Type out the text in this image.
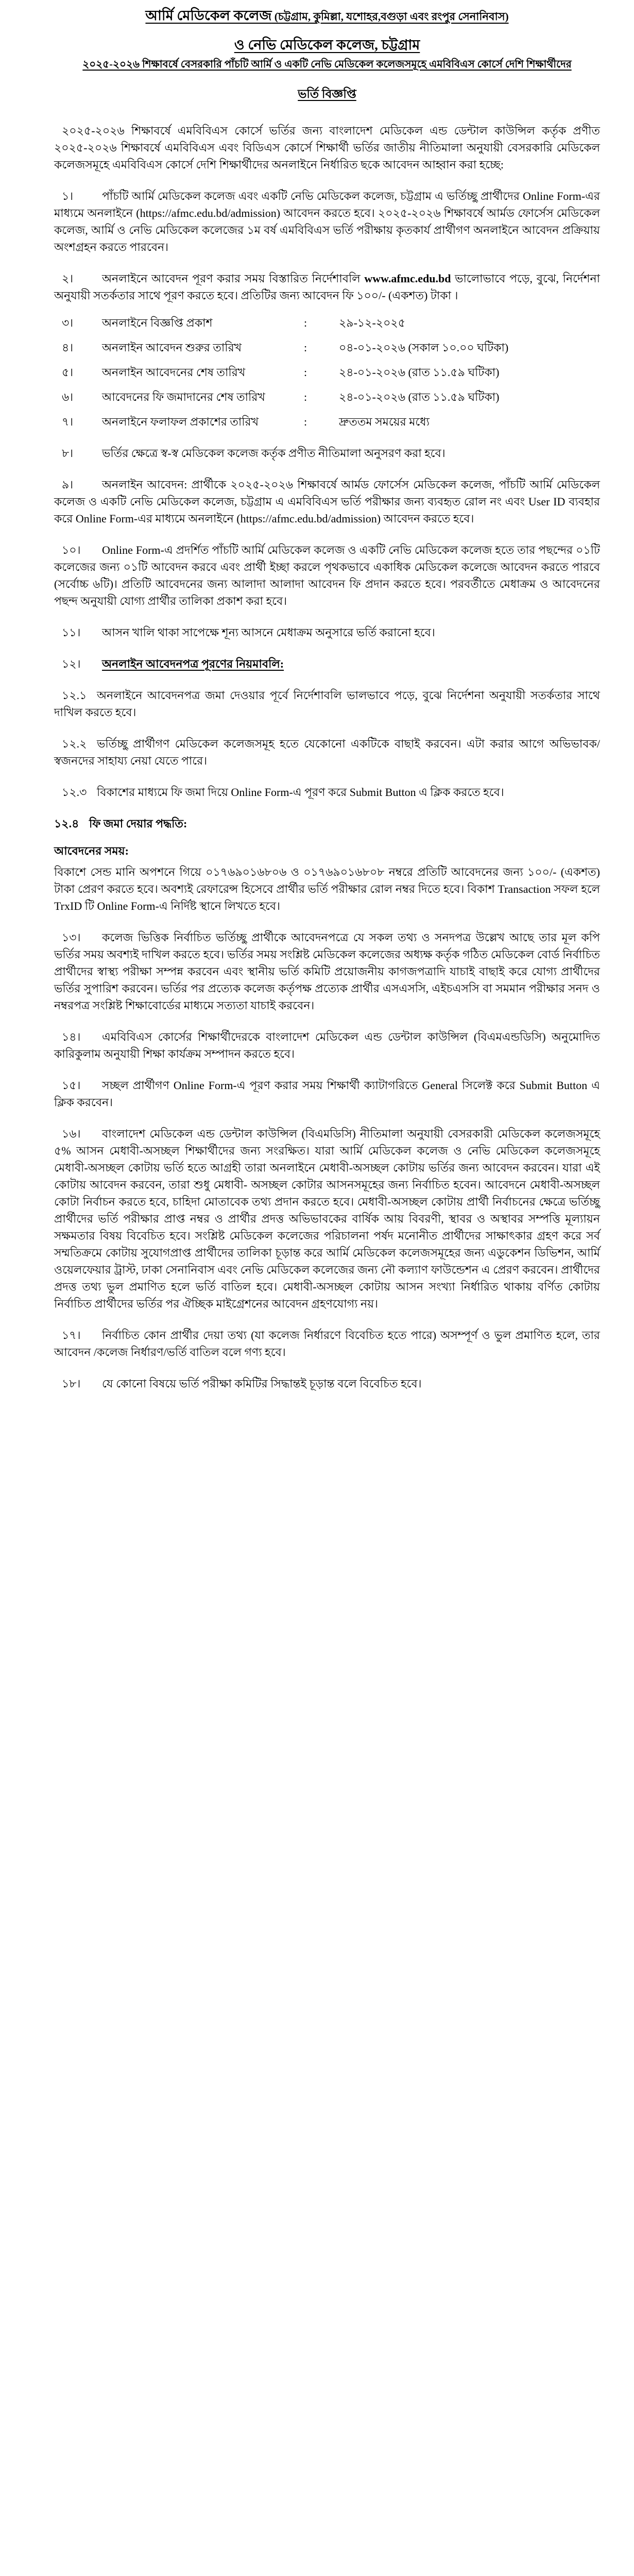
আর্মি মেডিকেল কলেজ (চট্টগ্রাম, কুমিল্লা, যশোহর,বগুড়া এবং রংপুর সেনানিবাস)
ও নেভি মেডিকেল কলেজ, চট্টগ্রাম
২০২৫-২০২৬ শিক্ষাবর্ষে বেসরকারি পাঁচটি আর্মি ও একটি নেভি মেডিকেল কলেজসমূহে এমবিবিএস কোর্সে দেশি শিক্ষার্থীদের
ভর্তি বিজ্ঞপ্তি

২০২৫-২০২৬ শিক্ষাবর্ষে এমবিবিএস কোর্সে ভর্তির জন্য বাংলাদেশ মেডিকেল এন্ড ডেন্টাল কাউন্সিল কর্তৃক প্রণীত ২০২৫-২০২৬ শিক্ষাবর্ষে এমবিবিএস এবং বিডিএস কোর্সে শিক্ষার্থী ভর্তির জাতীয় নীতিমালা অনুযায়ী বেসরকারি মেডিকেল কলেজসমূহে এমবিবিএস কোর্সে দেশি শিক্ষার্থীদের অনলাইনে নির্ধারিত ছকে আবেদন আহ্বান করা হচ্ছে:

১।	পাঁচটি আর্মি মেডিকেল কলেজ এবং একটি নেভি মেডিকেল কলেজ, চট্টগ্রাম এ ভর্তিচ্ছু প্রার্থীদের Online Form-এর মাধ্যমে অনলাইনে (https://afmc.edu.bd/admission) আবেদন করতে হবে। ২০২৫-২০২৬ শিক্ষাবর্ষে আর্মড ফোর্সেস মেডিকেল কলেজ, আর্মি ও নেভি মেডিকেল কলেজের ১ম বর্ষ এমবিবিএস ভর্তি পরীক্ষায় কৃতকার্য প্রার্থীগণ অনলাইনে আবেদন প্রক্রিয়ায় অংশগ্রহন করতে পারবেন।

২।	অনলাইনে আবেদন পূরণ করার সময় বিস্তারিত নির্দেশাবলি www.afmc.edu.bd ভালোভাবে পড়ে, বুঝে, নির্দেশনা অনুযায়ী সতর্কতার সাথে পূরণ করতে হবে। প্রতিটির জন্য আবেদন ফি ১০০/- (একশত) টাকা ।

৩।	অনলাইনে বিজ্ঞপ্তি প্রকাশ	:	২৯-১২-২০২৫
৪।	অনলাইন আবেদন শুরুর তারিখ	:	০৪-০১-২০২৬ (সকাল ১০.০০ ঘটিকা)
৫।	অনলাইন আবেদনের শেষ তারিখ	:	২৪-০১-২০২৬ (রাত ১১.৫৯ ঘটিকা)
৬।	আবেদনের ফি জমাদানের শেষ তারিখ	:	২৪-০১-২০২৬ (রাত ১১.৫৯ ঘটিকা)
৭।	অনলাইনে ফলাফল প্রকাশের তারিখ	:	দ্রুততম সময়ের মধ্যে

৮।	ভর্তির ক্ষেত্রে স্ব-স্ব মেডিকেল কলেজ কর্তৃক প্রণীত নীতিমালা অনুসরণ করা হবে।

৯।	অনলাইন আবেদন: প্রার্থীকে ২০২৫-২০২৬ শিক্ষাবর্ষে আর্মড ফোর্সেস মেডিকেল কলেজ, পাঁচটি আর্মি মেডিকেল কলেজ ও একটি নেভি মেডিকেল কলেজ, চট্টগ্রাম এ এমবিবিএস ভর্তি পরীক্ষার জন্য ব্যবহৃত রোল নং এবং User ID ব্যবহার করে Online Form-এর মাধ্যমে অনলাইনে (https://afmc.edu.bd/admission) আবেদন করতে হবে।

১০। Online Form-এ প্রদর্শিত পাঁচটি আর্মি মেডিকেল কলেজ ও একটি নেভি মেডিকেল কলেজ হতে তার পছন্দের ০১টি কলেজের জন্য ০১টি আবেদন করবে এবং প্রার্থী ইচ্ছা করলে পৃথকভাবে একাধিক মেডিকেল কলেজে আবেদন করতে পারবে (সর্বোচ্চ ৬টি)। প্রতিটি আবেদনের জন্য আলাদা আলাদা আবেদন ফি প্রদান করতে হবে। পরবর্তীতে মেধাক্রম ও আবেদনের পছন্দ অনুযায়ী যোগ্য প্রার্থীর তালিকা প্রকাশ করা হবে।

১১। আসন খালি থাকা সাপেক্ষে শূন্য আসনে মেধাক্রম অনুসারে ভর্তি করানো হবে।

১২। অনলাইন আবেদনপত্র পূরণের নিয়মাবলি:

১২.১ অনলাইনে আবেদনপত্র জমা দেওয়ার পূর্বে নির্দেশাবলি ভালভাবে পড়ে, বুঝে নির্দেশনা অনুযায়ী সতর্কতার সাথে দাখিল করতে হবে।

১২.২ ভর্তিচ্ছু প্রার্থীগণ মেডিকেল কলেজসমূহ হতে যেকোনো একটিকে বাছাই করবেন। এটা করার আগে অভিভাবক/স্বজনদের সাহায্য নেয়া যেতে পারে।

১২.৩ বিকাশের মাধ্যমে ফি জমা দিয়ে Online Form-এ পূরণ করে Submit Button এ ক্লিক করতে হবে।

১২.৪ ফি জমা দেয়ার পদ্ধতি:

আবেদনের সময়:

বিকাশে সেন্ড মানি অপশনে গিয়ে ০১৭৬৯০১৬৮০৬ ও ০১৭৬৯০১৬৮০৮ নম্বরে প্রতিটি আবেদনের জন্য ১০০/- (একশত) টাকা প্রেরণ করতে হবে। অবশ্যই রেফারেন্স হিসেবে প্রার্থীর ভর্তি পরীক্ষার রোল নম্বর দিতে হবে। বিকাশ Transaction সফল হলে TrxID টি Online Form-এ নির্দিষ্ট স্থানে লিখতে হবে।

১৩। কলেজ ভিত্তিক নির্বাচিত ভর্তিচ্ছু প্রার্থীকে আবেদনপত্রে যে সকল তথ্য ও সনদপত্র উল্লেখ আছে তার মূল কপি ভর্তির সময় অবশ্যই দাখিল করতে হবে। ভর্তির সময় সংশ্লিষ্ট মেডিকেল কলেজের অধ্যক্ষ কর্তৃক গঠিত মেডিকেল বোর্ড নির্বাচিত প্রার্থীদের স্বাস্থ্য পরীক্ষা সম্পন্ন করবেন এবং স্থানীয় ভর্তি কমিটি প্রয়োজনীয় কাগজপত্রাদি যাচাই বাছাই করে যোগ্য প্রার্থীদের ভর্তির সুপারিশ করবেন। ভর্তির পর প্রত্যেক কলেজ কর্তৃপক্ষ প্রত্যেক প্রার্থীর এসএসসি, এইচএসসি বা সমমান পরীক্ষার সনদ ও নম্বরপত্র সংশ্লিষ্ট শিক্ষাবোর্ডের মাধ্যমে সত্যতা যাচাই করবেন।

১৪। এমবিবিএস কোর্সের শিক্ষার্থীদেরকে বাংলাদেশ মেডিকেল এন্ড ডেন্টাল কাউন্সিল (বিএমএন্ডডিসি) অনুমোদিত কারিকুলাম অনুযায়ী শিক্ষা কার্যক্রম সম্পাদন করতে হবে।

১৫। সচ্ছল প্রার্থীগণ Online Form-এ পূরণ করার সময় শিক্ষার্থী ক্যাটাগরিতে General সিলেক্ট করে Submit Button এ ক্লিক করবেন।

১৬। বাংলাদেশ মেডিকেল এন্ড ডেন্টাল কাউন্সিল (বিএমডিসি) নীতিমালা অনুযায়ী বেসরকারী মেডিকেল কলেজসমূহে ৫% আসন মেধাবী-অসচ্ছল শিক্ষার্থীদের জন্য সংরক্ষিত। যারা আর্মি মেডিকেল কলেজ ও নেভি মেডিকেল কলেজসমূহে মেধাবী-অসচ্ছল কোটায় ভর্তি হতে আগ্রহী তারা অনলাইনে মেধাবী-অসচ্ছল কোটায় ভর্তির জন্য আবেদন করবেন। যারা এই কোটায় আবেদন করবেন, তারা শুধু মেধাবী- অসচ্ছল কোটার আসনসমূহের জন্য নির্বাচিত হবেন। আবেদনে মেধাবী-অসচ্ছল কোটা নির্বাচন করতে হবে, চাহিদা মোতাবেক তথ্য প্রদান করতে হবে। মেধাবী-অসচ্ছল কোটায় প্রার্থী নির্বাচনের ক্ষেত্রে ভর্তিচ্ছু প্রার্থীদের ভর্তি পরীক্ষার প্রাপ্ত নম্বর ও প্রার্থীর প্রদত্ত অভিভাবকের বার্ষিক আয় বিবরণী, স্থাবর ও অস্থাবর সম্পত্তি মূল্যায়ন সক্ষমতার বিষয় বিবেচিত হবে। সংশ্লিষ্ট মেডিকেল কলেজের পরিচালনা পর্ষদ মনোনীত প্রার্থীদের সাক্ষাৎকার গ্রহণ করে সর্ব সম্মতিক্রমে কোটায় সুযোগপ্রাপ্ত প্রার্থীদের তালিকা চূড়ান্ত করে আর্মি মেডিকেল কলেজসমূহের জন্য এডুকেশন ডিভিশন, আর্মি ওয়েলফেয়ার ট্রাস্ট, ঢাকা সেনানিবাস এবং নেভি মেডিকেল কলেজের জন্য নৌ কল্যাণ ফাউন্ডেশন এ প্রেরণ করবেন। প্রার্থীদের প্রদত্ত তথ্য ভুল প্রমাণিত হলে ভর্তি বাতিল হবে। মেধাবী-অসচ্ছল কোটায় আসন সংখ্যা নির্ধারিত থাকায় বর্ণিত কোটায় নির্বাচিত প্রার্থীদের ভর্তির পর ঐচ্ছিক মাইগ্রেশনের আবেদন গ্রহণযোগ্য নয়।

১৭। নির্বাচিত কোন প্রার্থীর দেয়া তথ্য (যা কলেজ নির্ধারণে বিবেচিত হতে পারে) অসম্পূর্ণ ও ভুল প্রমাণিত হলে, তার আবেদন /কলেজ নির্ধারণ/ভর্তি বাতিল বলে গণ্য হবে।

১৮। যে কোনো বিষয়ে ভর্তি পরীক্ষা কমিটির সিদ্ধান্তই চূড়ান্ত বলে বিবেচিত হবে।
